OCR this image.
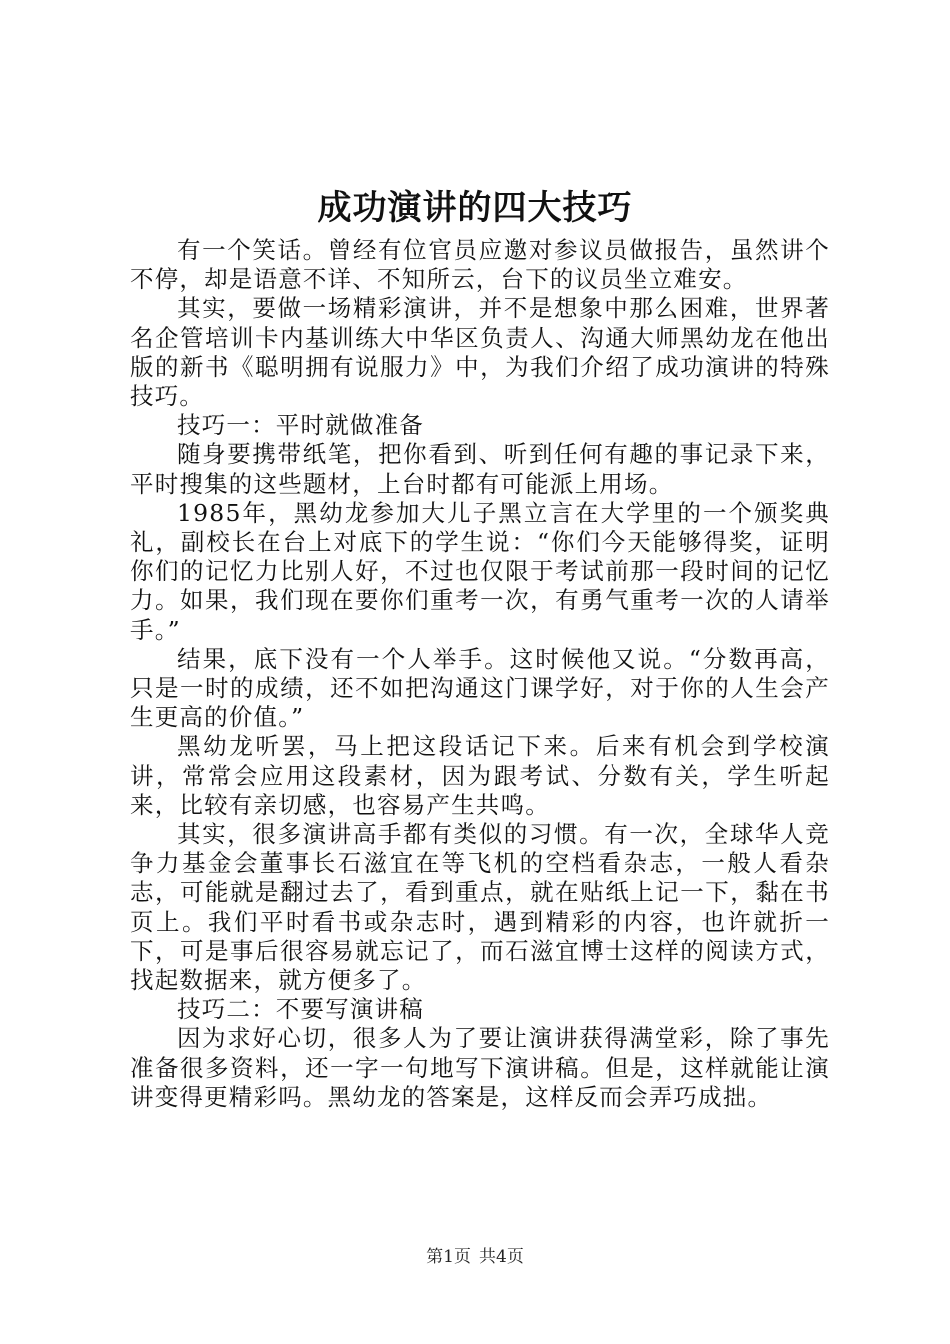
成功演讲的四大技巧

有一个笑话。曾经有位官员应邀对参议员做报告，虽然讲个不停，却是语意不详、不知所云，台下的议员坐立难安。

其实，要做一场精彩演讲，并不是想象中那么困难，世界著名企管培训卡内基训练大中华区负责人、沟通大师黑幼龙在他出版的新书《聪明拥有说服力》中，为我们介绍了成功演讲的特殊技巧。

技巧一：平时就做准备

随身要携带纸笔，把你看到、听到任何有趣的事记录下来，平时搜集的这些题材，上台时都有可能派上用场。

1985年，黑幼龙参加大儿子黑立言在大学里的一个颁奖典礼，副校长在台上对底下的学生说：“你们今天能够得奖，证明你们的记忆力比别人好，不过也仅限于考试前那一段时间的记忆力。如果，我们现在要你们重考一次，有勇气重考一次的人请举手。”

结果，底下没有一个人举手。这时候他又说。“分数再高，只是一时的成绩，还不如把沟通这门课学好，对于你的人生会产生更高的价值。”

黑幼龙听罢，马上把这段话记下来。后来有机会到学校演讲，常常会应用这段素材，因为跟考试、分数有关，学生听起来，比较有亲切感，也容易产生共鸣。

其实，很多演讲高手都有类似的习惯。有一次，全球华人竞争力基金会董事长石滋宜在等飞机的空档看杂志，一般人看杂志，可能就是翻过去了，看到重点，就在贴纸上记一下，黏在书页上。我们平时看书或杂志时，遇到精彩的内容，也许就折一下，可是事后很容易就忘记了，而石滋宜博士这样的阅读方式，找起数据来，就方便多了。

技巧二：不要写演讲稿

因为求好心切，很多人为了要让演讲获得满堂彩，除了事先准备很多资料，还一字一句地写下演讲稿。但是，这样就能让演讲变得更精彩吗。黑幼龙的答案是，这样反而会弄巧成拙。

第1页 共4页
